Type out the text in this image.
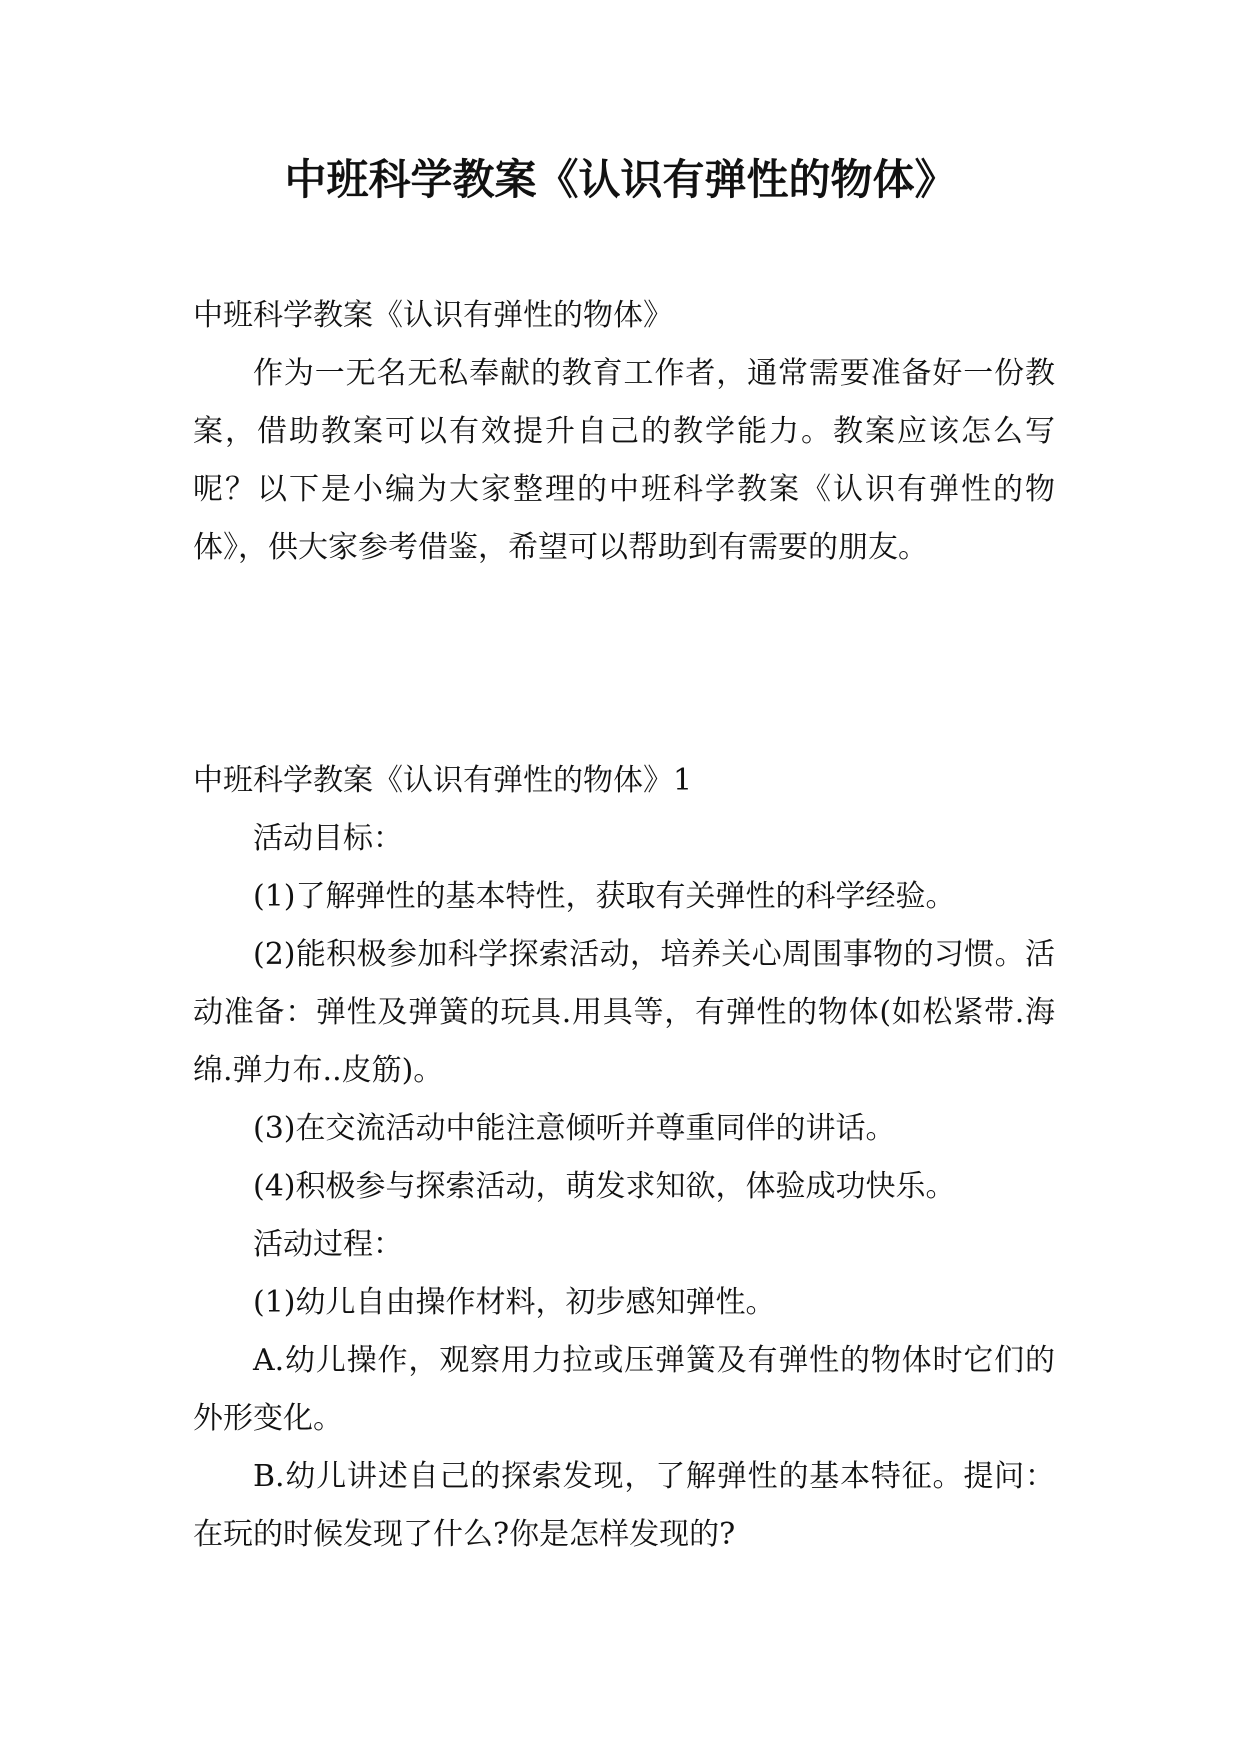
中班科学教案《认识有弹性的物体》

中班科学教案《认识有弹性的物体》

作为一无名无私奉献的教育工作者，通常需要准备好一份教案，借助教案可以有效提升自己的教学能力。教案应该怎么写呢？以下是小编为大家整理的中班科学教案《认识有弹性的物体》，供大家参考借鉴，希望可以帮助到有需要的朋友。

中班科学教案《认识有弹性的物体》1

活动目标：

(1)了解弹性的基本特性，获取有关弹性的科学经验。

(2)能积极参加科学探索活动，培养关心周围事物的习惯。活动准备：弹性及弹簧的玩具.用具等，有弹性的物体(如松紧带.海绵.弹力布..皮筋)。

(3)在交流活动中能注意倾听并尊重同伴的讲话。

(4)积极参与探索活动，萌发求知欲，体验成功快乐。

活动过程：

(1)幼儿自由操作材料，初步感知弹性。

A.幼儿操作，观察用力拉或压弹簧及有弹性的物体时它们的外形变化。

B.幼儿讲述自己的探索发现，了解弹性的基本特征。提问：在玩的时候发现了什么?你是怎样发现的?
